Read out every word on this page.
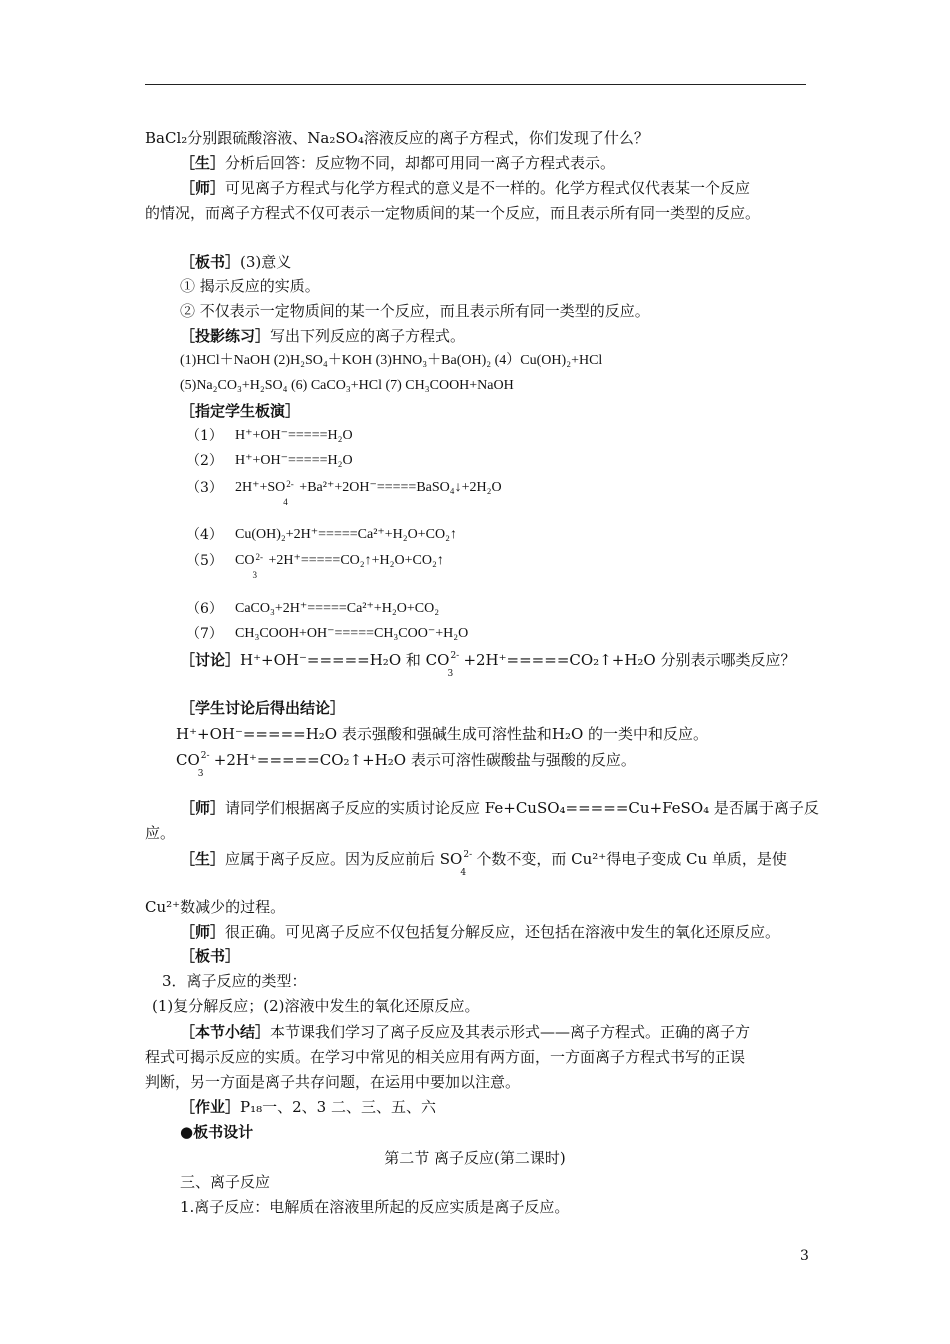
BaCl₂分别跟硫酸溶液、Na₂SO₄溶液反应的离子方程式，你们发现了什么？
［生］分析后回答：反应物不同，却都可用同一离子方程式表示。
［师］可见离子方程式与化学方程式的意义是不一样的。化学方程式仅代表某一个反应
的情况，而离子方程式不仅可表示一定物质间的某一个反应，而且表示所有同一类型的反应。
［板书］(3)意义
① 揭示反应的实质。
② 不仅表示一定物质间的某一个反应，而且表示所有同一类型的反应。
［投影练习］写出下列反应的离子方程式。
(1)HCl＋NaOH (2)H₂SO₄＋KOH (3)HNO₃＋Ba(OH)₂ (4）Cu(OH)₂+HCl
(5)Na₂CO₃+H₂SO₄ (6) CaCO₃+HCl (7) CH₃COOH+NaOH
［指定学生板演］
（1） H⁺+OH⁻=====H₂O
（2） H⁺+OH⁻=====H₂O
（3） 2H⁺+SO 2-
4
+Ba²⁺+2OH⁻=====BaSO₄↓+2H₂O
（4） Cu(OH)₂+2H⁺=====Ca²⁺+H₂O+CO₂↑
（5） CO 2-
3
+2H⁺=====CO₂↑+H₂O+CO₂↑
（6） CaCO₃+2H⁺=====Ca²⁺+H₂O+CO₂
（7） CH₃COOH+OH⁻=====CH₃COO⁻+H₂O
［讨论］H⁺+OH⁻=====H₂O 和 CO 2-
3
+2H⁺=====CO₂↑+H₂O 分别表示哪类反应？
［学生讨论后得出结论］
H⁺+OH⁻=====H₂O 表示强酸和强碱生成可溶性盐和H₂O 的一类中和反应。
CO 2-
3
+2H⁺=====CO₂↑+H₂O 表示可溶性碳酸盐与强酸的反应。
［师］请同学们根据离子反应的实质讨论反应 Fe+CuSO₄=====Cu+FeSO₄ 是否属于离子反
应。
［生］应属于离子反应。因为反应前后 SO 2-
4
个数不变，而 Cu²⁺得电子变成 Cu 单质，是使
Cu²⁺数减少的过程。
［师］很正确。可见离子反应不仅包括复分解反应，还包括在溶液中发生的氧化还原反应。
［板书］
3．离子反应的类型：
(1)复分解反应；(2)溶液中发生的氧化还原反应。
［本节小结］本节课我们学习了离子反应及其表示形式——离子方程式。正确的离子方
程式可揭示反应的实质。在学习中常见的相关应用有两方面，一方面离子方程式书写的正误
判断，另一方面是离子共存问题，在运用中要加以注意。
［作业］P₁₈一、2、3 二、三、五、六
●板书设计
第二节 离子反应(第二课时)
三、离子反应
1.离子反应：电解质在溶液里所起的反应实质是离子反应。
3
